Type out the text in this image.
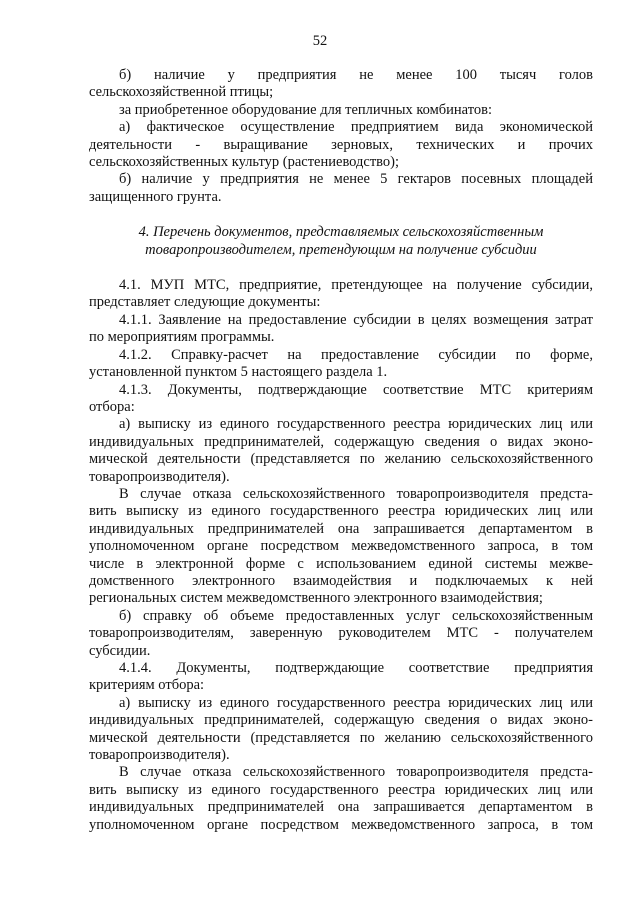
52

б) наличие у предприятия не менее 100 тысяч голов

сельскохозяйственной птицы;

за приобретенное оборудование для тепличных комбинатов:

а) фактическое осуществление предприятием вида экономической

деятельности - выращивание зерновых, технических и прочих

сельскохозяйственных культур (растениеводство);

б) наличие у предприятия не менее 5 гектаров посевных площадей

защищенного грунта.

4. Перечень документов, представляемых сельскохозяйственным

товаропроизводителем, претендующим на получение субсидии

4.1. МУП МТС, предприятие, претендующее на получение субсидии,

представляет следующие документы:

4.1.1. Заявление на предоставление субсидии в целях возмещения затрат

по мероприятиям программы.

4.1.2. Справку-расчет на предоставление субсидии по форме,

установленной пунктом 5 настоящего раздела 1.

4.1.3. Документы, подтверждающие соответствие МТС критериям

отбора:

а) выписку из единого государственного реестра юридических лиц или

индивидуальных предпринимателей, содержащую сведения о видах эконо-

мической деятельности (представляется по желанию сельскохозяйственного

товаропроизводителя).

В случае отказа сельскохозяйственного товаропроизводителя предста-

вить выписку из единого государственного реестра юридических лиц или

индивидуальных предпринимателей она запрашивается департаментом в

уполномоченном органе посредством межведомственного запроса, в том

числе в электронной форме с использованием единой системы межве-

домственного электронного взаимодействия и подключаемых к ней

региональных систем межведомственного электронного взаимодействия;

б) справку об объеме предоставленных услуг сельскохозяйственным

товаропроизводителям, заверенную руководителем МТС - получателем

субсидии.

4.1.4. Документы, подтверждающие соответствие предприятия

критериям отбора:

а) выписку из единого государственного реестра юридических лиц или

индивидуальных предпринимателей, содержащую сведения о видах эконо-

мической деятельности (представляется по желанию сельскохозяйственного

товаропроизводителя).

В случае отказа сельскохозяйственного товаропроизводителя предста-

вить выписку из единого государственного реестра юридических лиц или

индивидуальных предпринимателей она запрашивается департаментом в

уполномоченном органе посредством межведомственного запроса, в том
